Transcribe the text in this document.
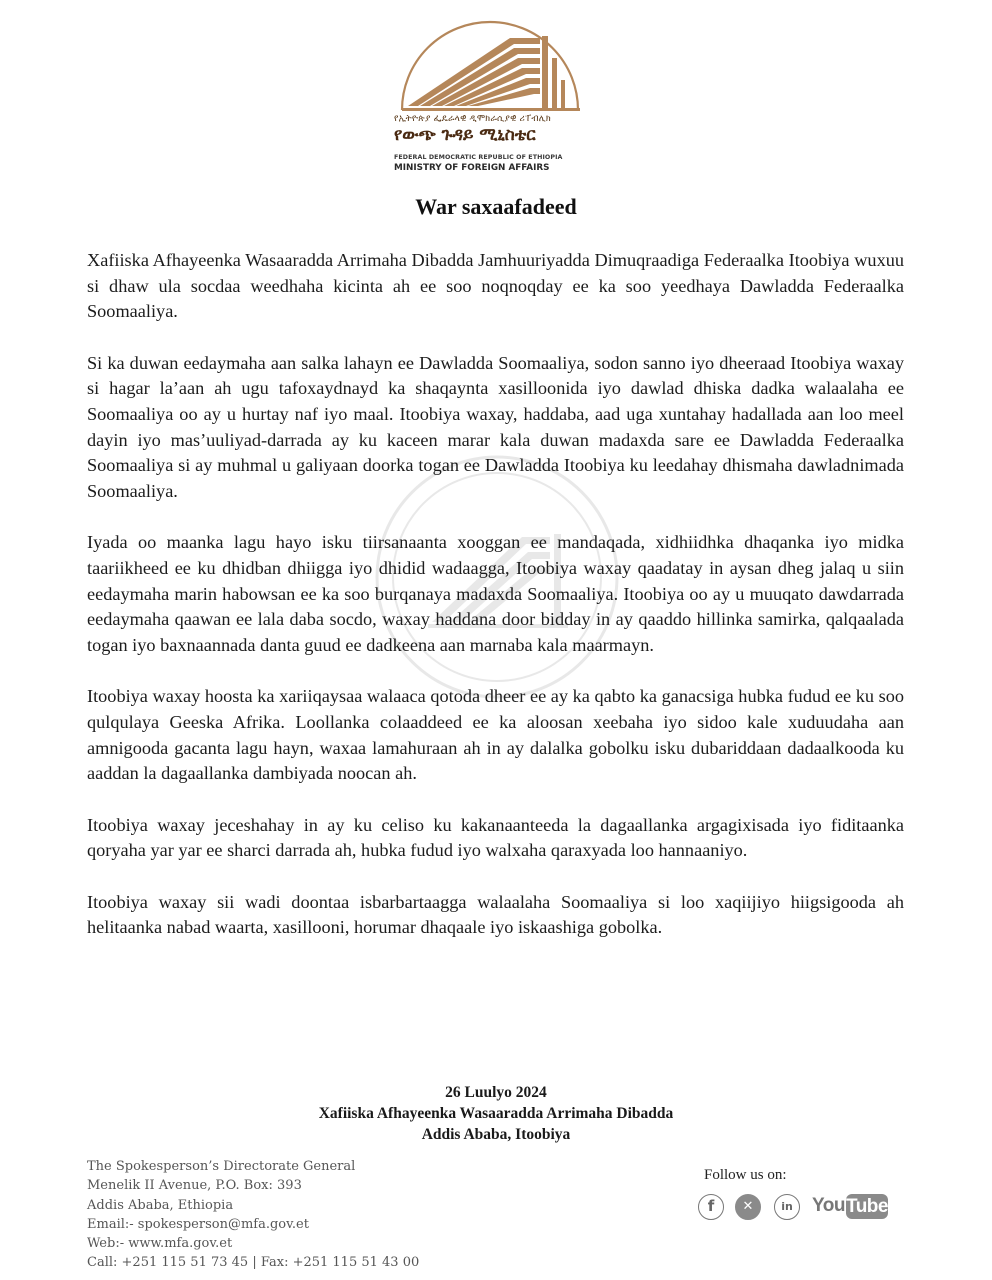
የኢትዮጵያ ፌዴራላዊ ዲሞክራሲያዊ ሪፐብሊክ
የውጭ ጉዳይ ሚኒስቴር
FEDERAL DEMOCRATIC REPUBLIC OF ETHIOPIA
MINISTRY OF FOREIGN AFFAIRS
War saxaafadeed

Xafiiska Afhayeenka Wasaaradda Arrimaha Dibadda Jamhuuriyadda Dimuqraadiga Federaalka Itoobiya wuxuu si dhaw ula socdaa weedhaha kicinta ah ee soo noqnoqday ee ka soo yeedhaya Dawladda Federaalka Soomaaliya.

Si ka duwan eedaymaha aan salka lahayn ee Dawladda Soomaaliya, sodon sanno iyo dheeraad Itoobiya waxay si hagar la’aan ah ugu tafoxaydnayd ka shaqaynta xasilloonida iyo dawlad dhiska dadka walaalaha ee Soomaaliya oo ay u hurtay naf iyo maal. Itoobiya waxay, haddaba, aad uga xuntahay hadallada aan loo meel dayin iyo mas’uuliyad-darrada ay ku kaceen marar kala duwan madaxda sare ee Dawladda Federaalka Soomaaliya si ay muhmal u galiyaan doorka togan ee Dawladda Itoobiya ku leedahay dhismaha dawladnimada Soomaaliya.

Iyada oo maanka lagu hayo isku tiirsanaanta xooggan ee mandaqada, xidhiidhka dhaqanka iyo midka taariikheed ee ku dhidban dhiigga iyo dhidid wadaagga, Itoobiya waxay qaadatay in aysan dheg jalaq u siin eedaymaha marin habowsan ee ka soo burqanaya madaxda Soomaaliya. Itoobiya oo ay u muuqato dawdarrada eedaymaha qaawan ee lala daba socdo, waxay haddana door bidday in ay qaaddo hillinka samirka, qalqaalada togan iyo baxnaannada danta guud ee dadkeena aan marnaba kala maarmayn.

Itoobiya waxay hoosta ka xariiqaysaa walaaca qotoda dheer ee ay ka qabto ka ganacsiga hubka fudud ee ku soo qulqulaya Geeska Afrika. Loollanka colaaddeed ee ka aloosan xeebaha iyo sidoo kale xuduudaha aan amnigooda gacanta lagu hayn, waxaa lamahuraan ah in ay dalalka gobolku isku dubariddaan dadaalkooda ku aaddan la dagaallanka dambiyada noocan ah.

Itoobiya waxay jeceshahay in ay ku celiso ku kakanaanteeda la dagaallanka argagixisada iyo fiditaanka qoryaha yar yar ee sharci darrada ah, hubka fudud iyo walxaha qaraxyada loo hannaaniyo.

Itoobiya waxay sii wadi doontaa isbarbartaagga walaalaha Soomaaliya si loo xaqiijiyo hiigsigooda ah helitaanka nabad waarta, xasillooni, horumar dhaqaale iyo iskaashiga gobolka.

26 Luulyo 2024
Xafiiska Afhayeenka Wasaaradda Arrimaha Dibadda
Addis Ababa, Itoobiya
The Spokesperson’s Directorate General
Menelik II Avenue, P.O. Box: 393
Addis Ababa, Ethiopia
Email:- spokesperson@mfa.gov.et
Web:- www.mfa.gov.et
Call: +251 115 51 73 45 | Fax: +251 115 51 43 00
Follow us on:
f	✕	in	You Tube
